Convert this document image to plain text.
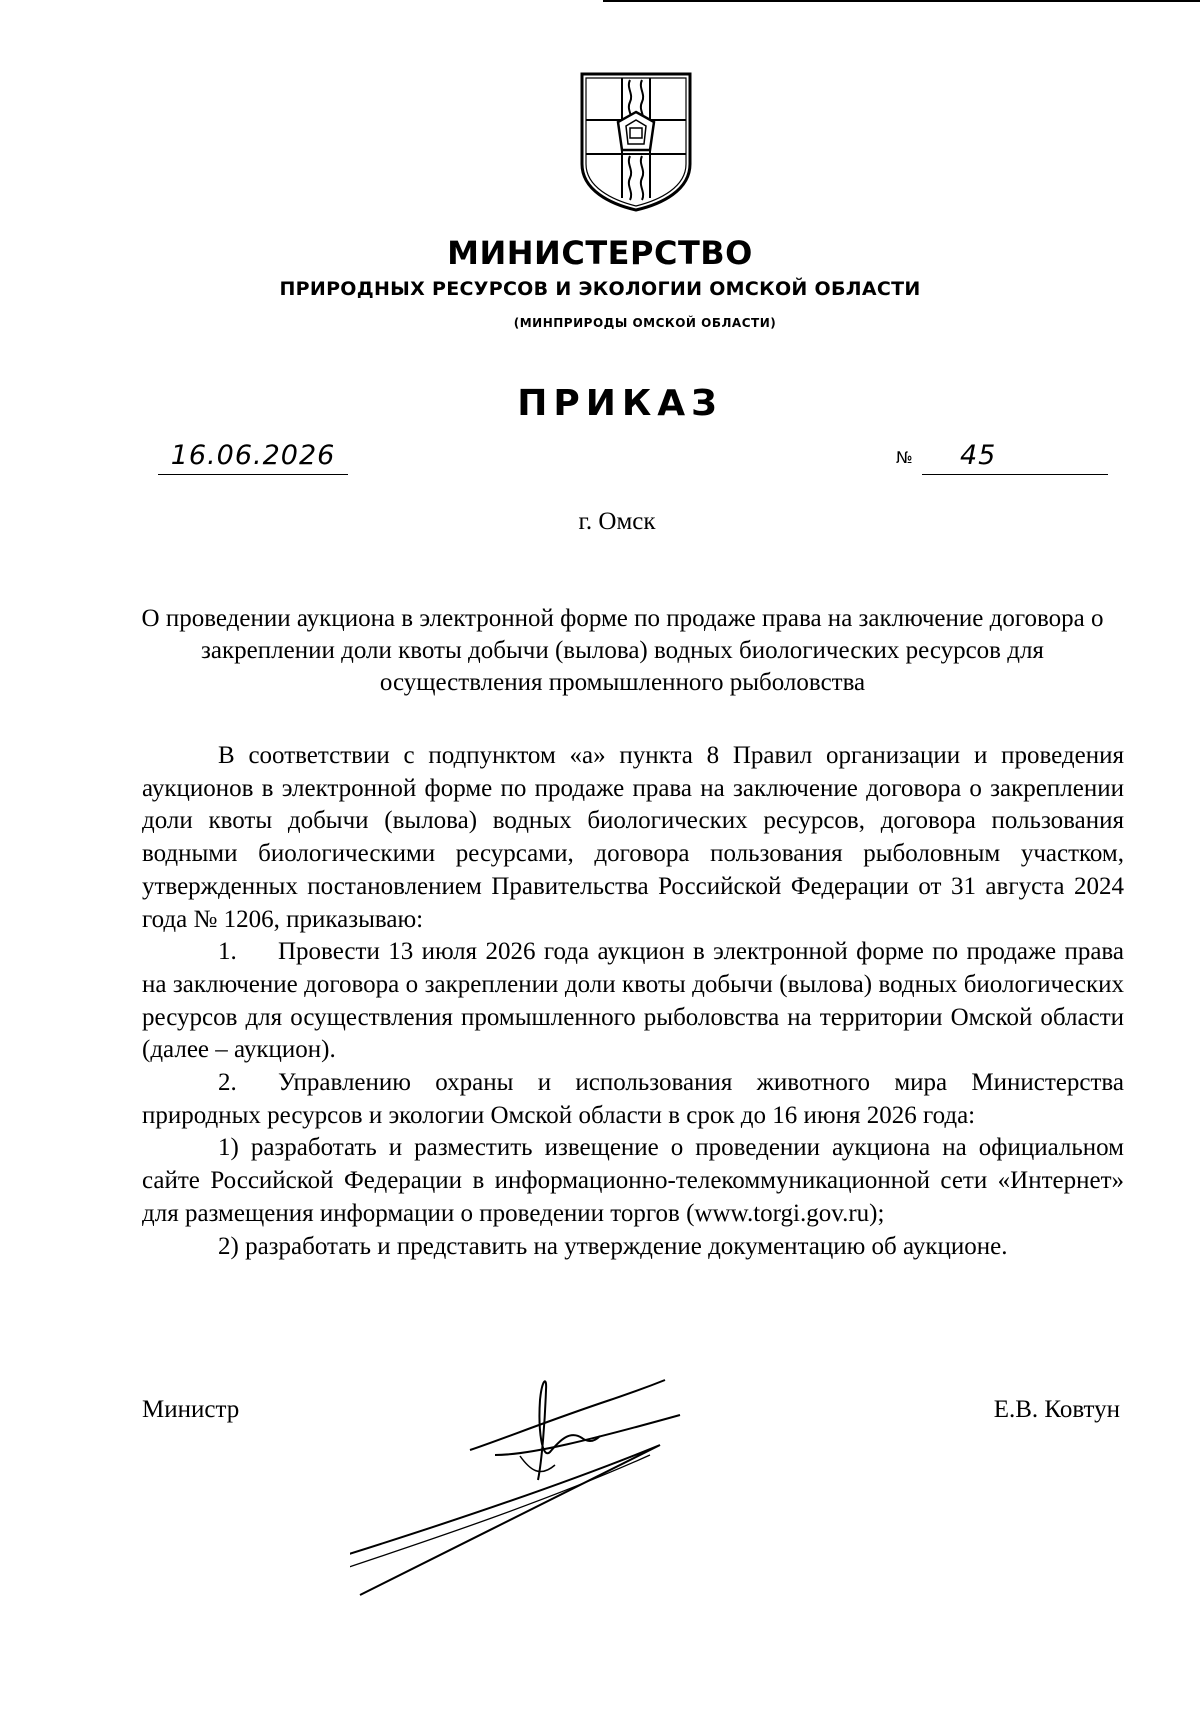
МИНИСТЕРСТВО
ПРИРОДНЫХ РЕСУРСОВ И ЭКОЛОГИИ ОМСКОЙ ОБЛАСТИ
(МИНПРИРОДЫ ОМСКОЙ ОБЛАСТИ)
ПРИКАЗ
16.06.2026	№	45
г. Омск
О проведении аукциона в электронной форме по продаже права на заключение договора о закреплении доли квоты добычи (вылова) водных биологических ресурсов для осуществления промышленного рыболовства

В соответствии с подпунктом «а» пункта 8 Правил организации и проведения аукционов в электронной форме по продаже права на заключение договора о закреплении доли квоты добычи (вылова) водных биологических ресурсов, договора пользования водными биологическими ресурсами, договора пользования рыболовным участком, утвержденных постановлением Правительства Российской Федерации от 31 августа 2024 года № 1206, приказываю:

1. Провести 13 июля 2026 года аукцион в электронной форме по продаже права на заключение договора о закреплении доли квоты добычи (вылова) водных биологических ресурсов для осуществления промышленного рыболовства на территории Омской области (далее – аукцион).

2. Управлению охраны и использования животного мира Министерства природных ресурсов и экологии Омской области в срок до 16 июня 2026 года:

1) разработать и разместить извещение о проведении аукциона на официальном сайте Российской Федерации в информационно-телекоммуникационной сети «Интернет» для размещения информации о проведении торгов (www.torgi.gov.ru);

2) разработать и представить на утверждение документацию об аукционе.

Министр	Е.В. Ковтун
